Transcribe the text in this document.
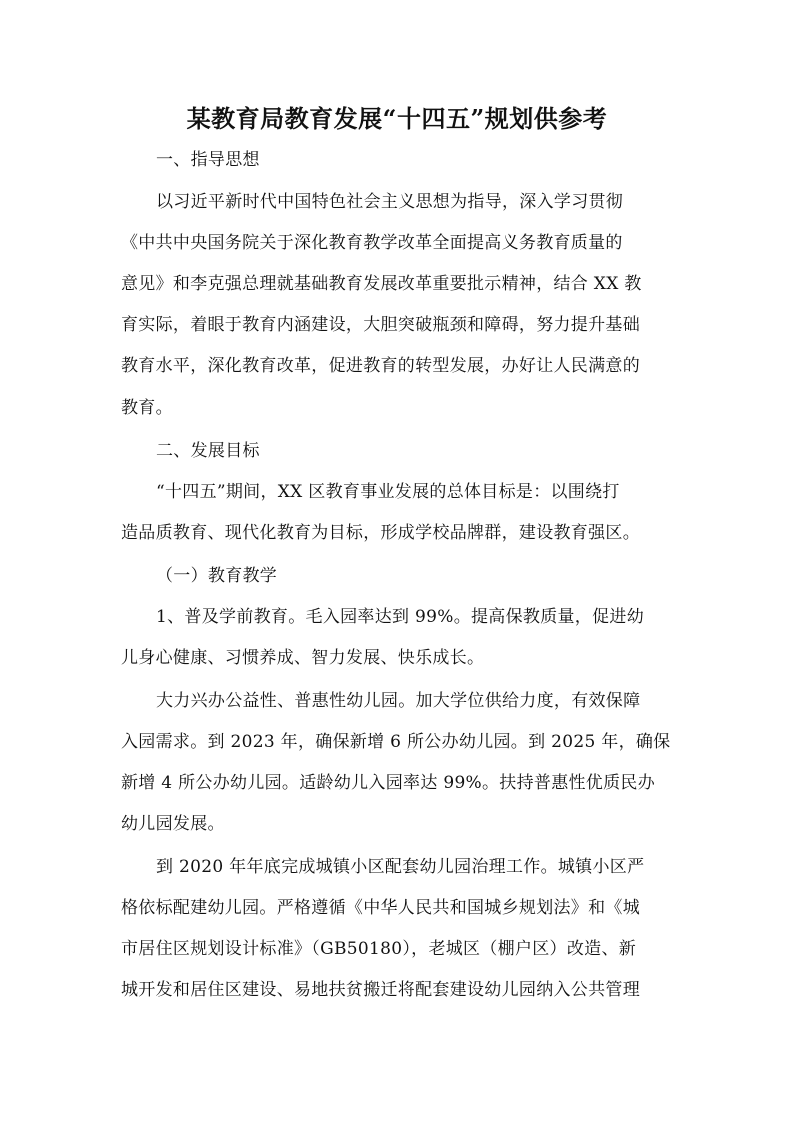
某教育局教育发展“十四五”规划供参考
一、指导思想
以习近平新时代中国特色社会主义思想为指导，深入学习贯彻
《中共中央国务院关于深化教育教学改革全面提高义务教育质量的
意见》和李克强总理就基础教育发展改革重要批示精神，结合 XX 教
育实际，着眼于教育内涵建设，大胆突破瓶颈和障碍，努力提升基础
教育水平，深化教育改革，促进教育的转型发展，办好让人民满意的
教育。
二、发展目标
“十四五”期间，XX 区教育事业发展的总体目标是：以围绕打
造品质教育、现代化教育为目标，形成学校品牌群，建设教育强区。
（一）教育教学
1、普及学前教育。毛入园率达到 99%。提高保教质量，促进幼
儿身心健康、习惯养成、智力发展、快乐成长。
大力兴办公益性、普惠性幼儿园。加大学位供给力度，有效保障
入园需求。到 2023 年，确保新增 6 所公办幼儿园。到 2025 年，确保
新增 4 所公办幼儿园。适龄幼儿入园率达 99%。扶持普惠性优质民办
幼儿园发展。
到 2020 年年底完成城镇小区配套幼儿园治理工作。城镇小区严
格依标配建幼儿园。严格遵循《中华人民共和国城乡规划法》和《城
市居住区规划设计标准》（GB50180），老城区（棚户区）改造、新
城开发和居住区建设、易地扶贫搬迁将配套建设幼儿园纳入公共管理
